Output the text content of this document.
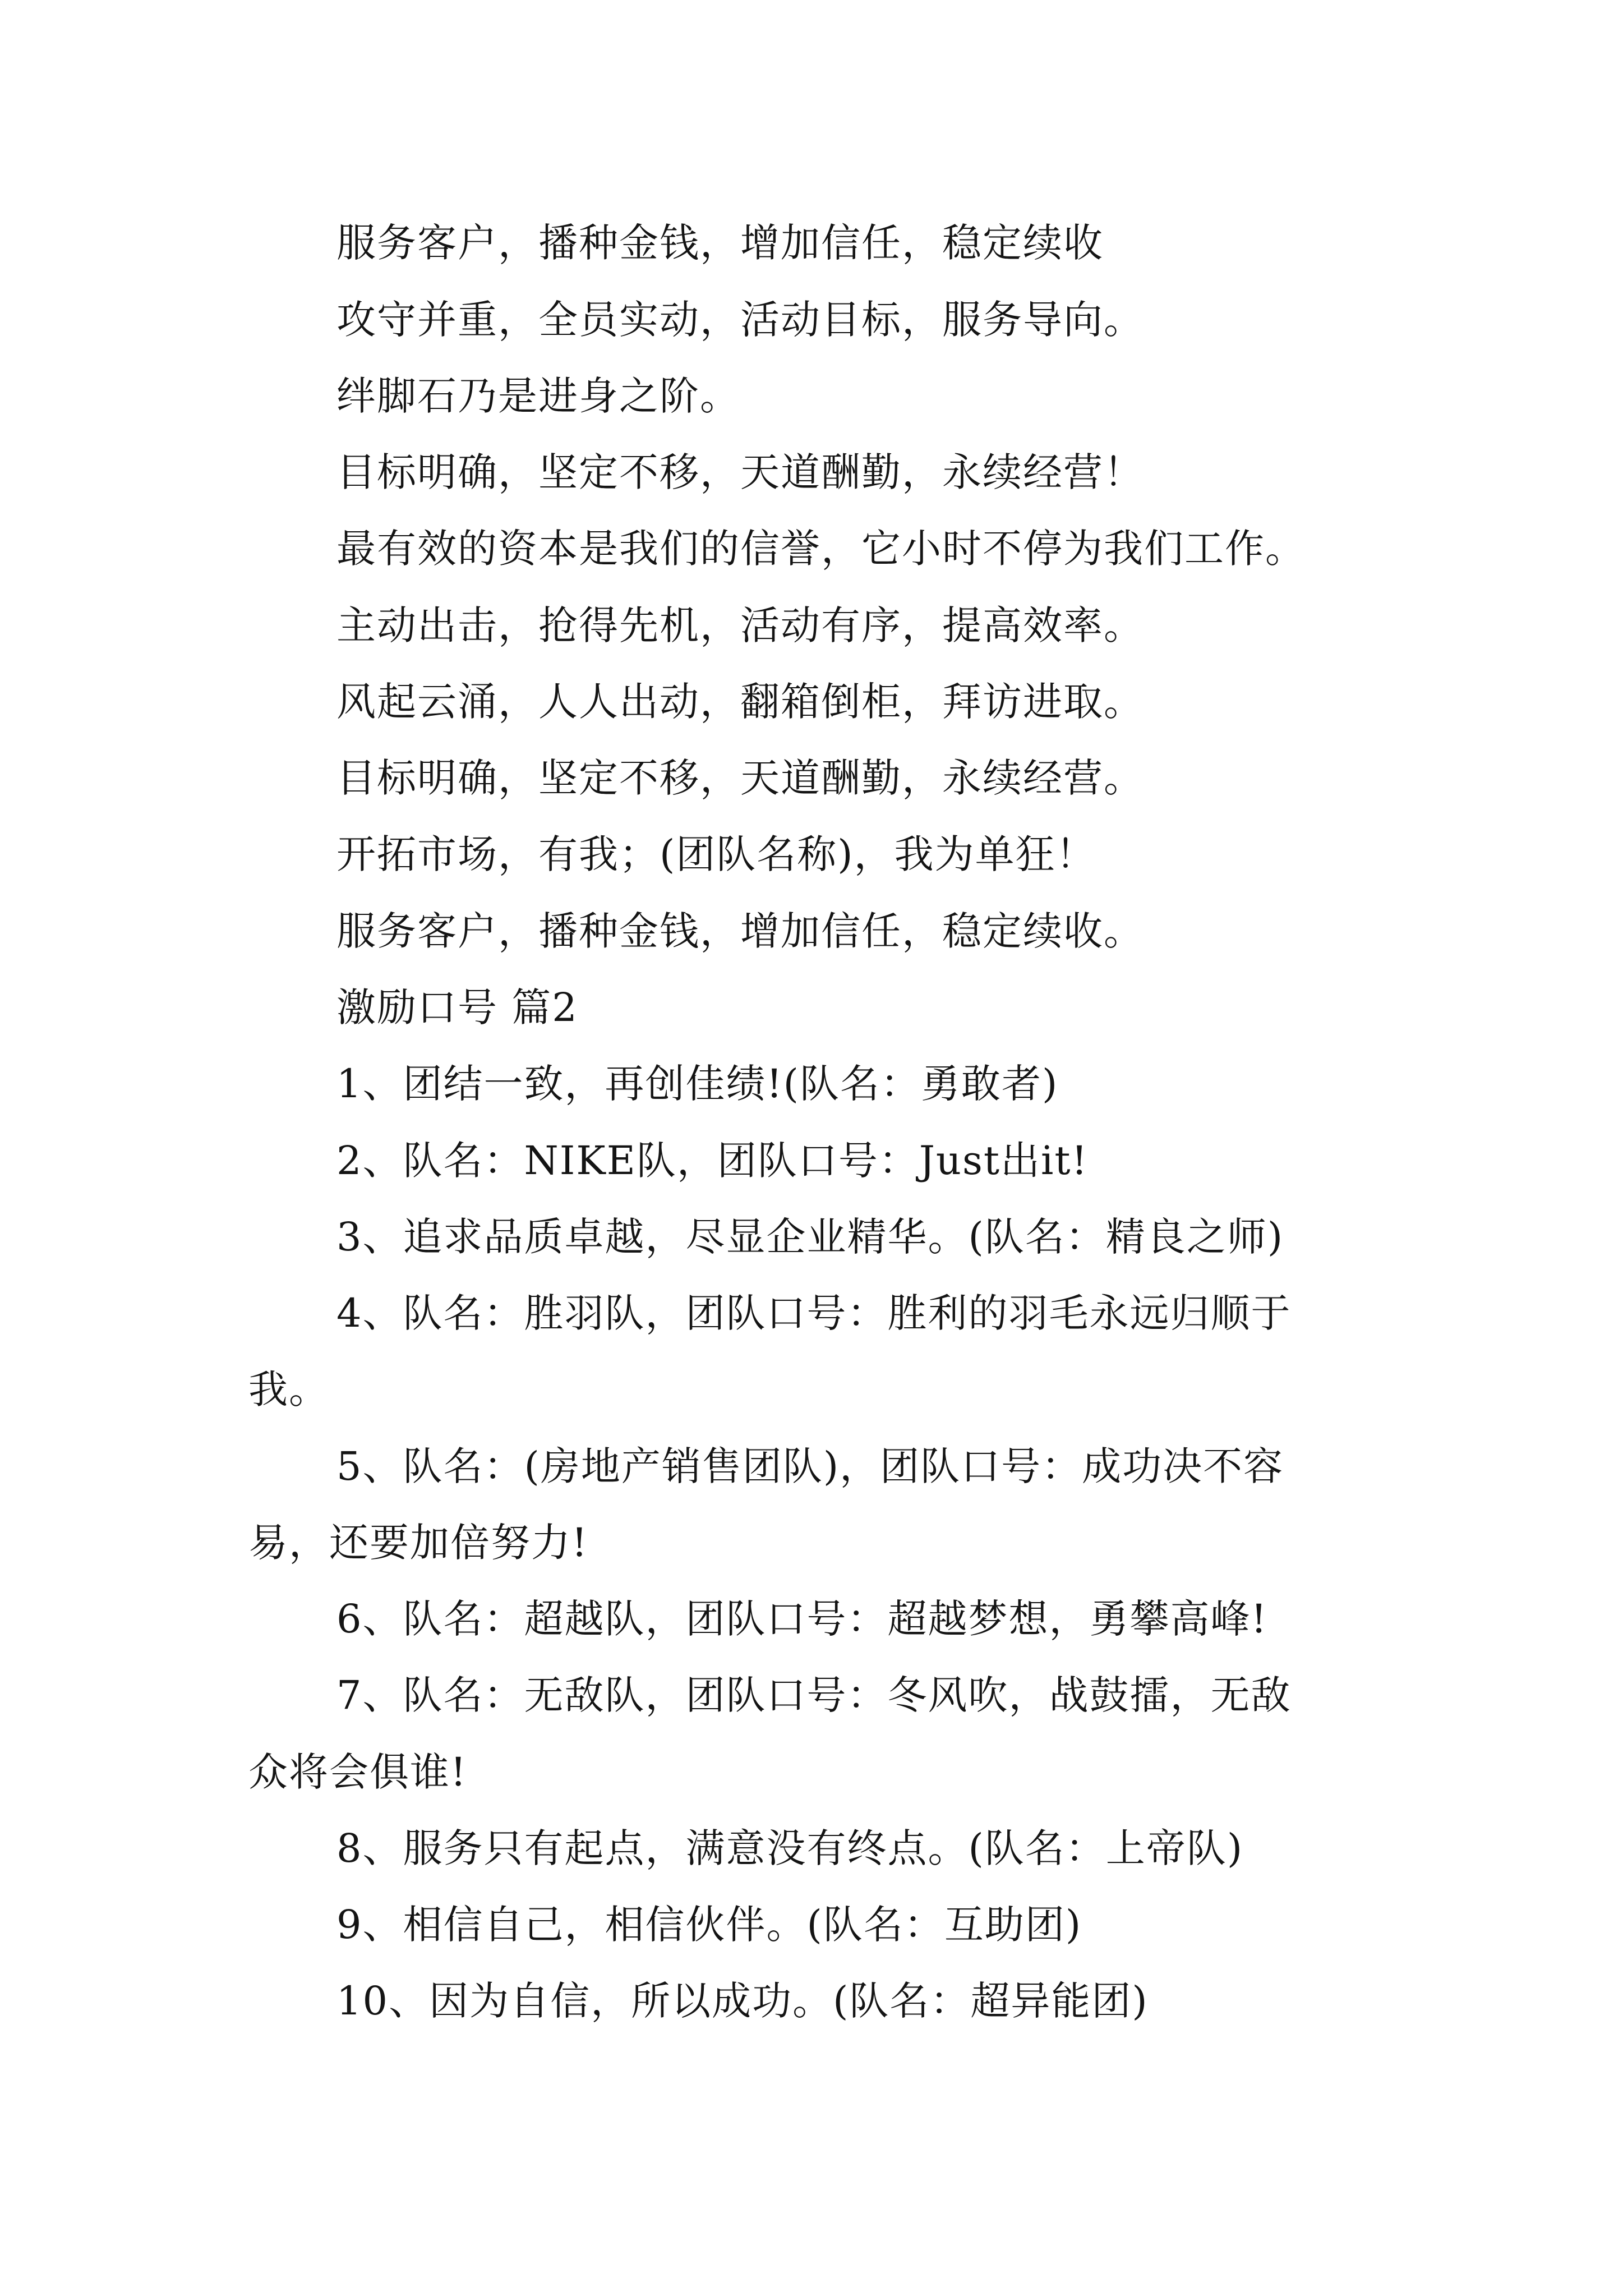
服务客户，播种金钱，增加信任，稳定续收

攻守并重，全员实动，活动目标，服务导向。

绊脚石乃是进身之阶。

目标明确，坚定不移，天道酬勤，永续经营！

最有效的资本是我们的信誉，它小时不停为我们工作。

主动出击，抢得先机，活动有序，提高效率。

风起云涌，人人出动，翻箱倒柜，拜访进取。

目标明确，坚定不移，天道酬勤，永续经营。

开拓市场，有我；(团队名称)，我为单狂！

服务客户，播种金钱，增加信任，稳定续收。

激励口号 篇2

1、团结一致，再创佳绩!(队名：勇敢者)

2、队名：NIKE队，团队口号：Just出it!

3、追求品质卓越，尽显企业精华。(队名：精良之师)

4、队名：胜羽队，团队口号：胜利的羽毛永远归顺于

我。

5、队名：(房地产销售团队)，团队口号：成功决不容

易，还要加倍努力!

6、队名：超越队，团队口号：超越梦想，勇攀高峰!

7、队名：无敌队，团队口号：冬风吹，战鼓擂，无敌

众将会俱谁!

8、服务只有起点，满意没有终点。(队名：上帝队)

9、相信自己，相信伙伴。(队名：互助团)

10、因为自信，所以成功。(队名：超异能团)
